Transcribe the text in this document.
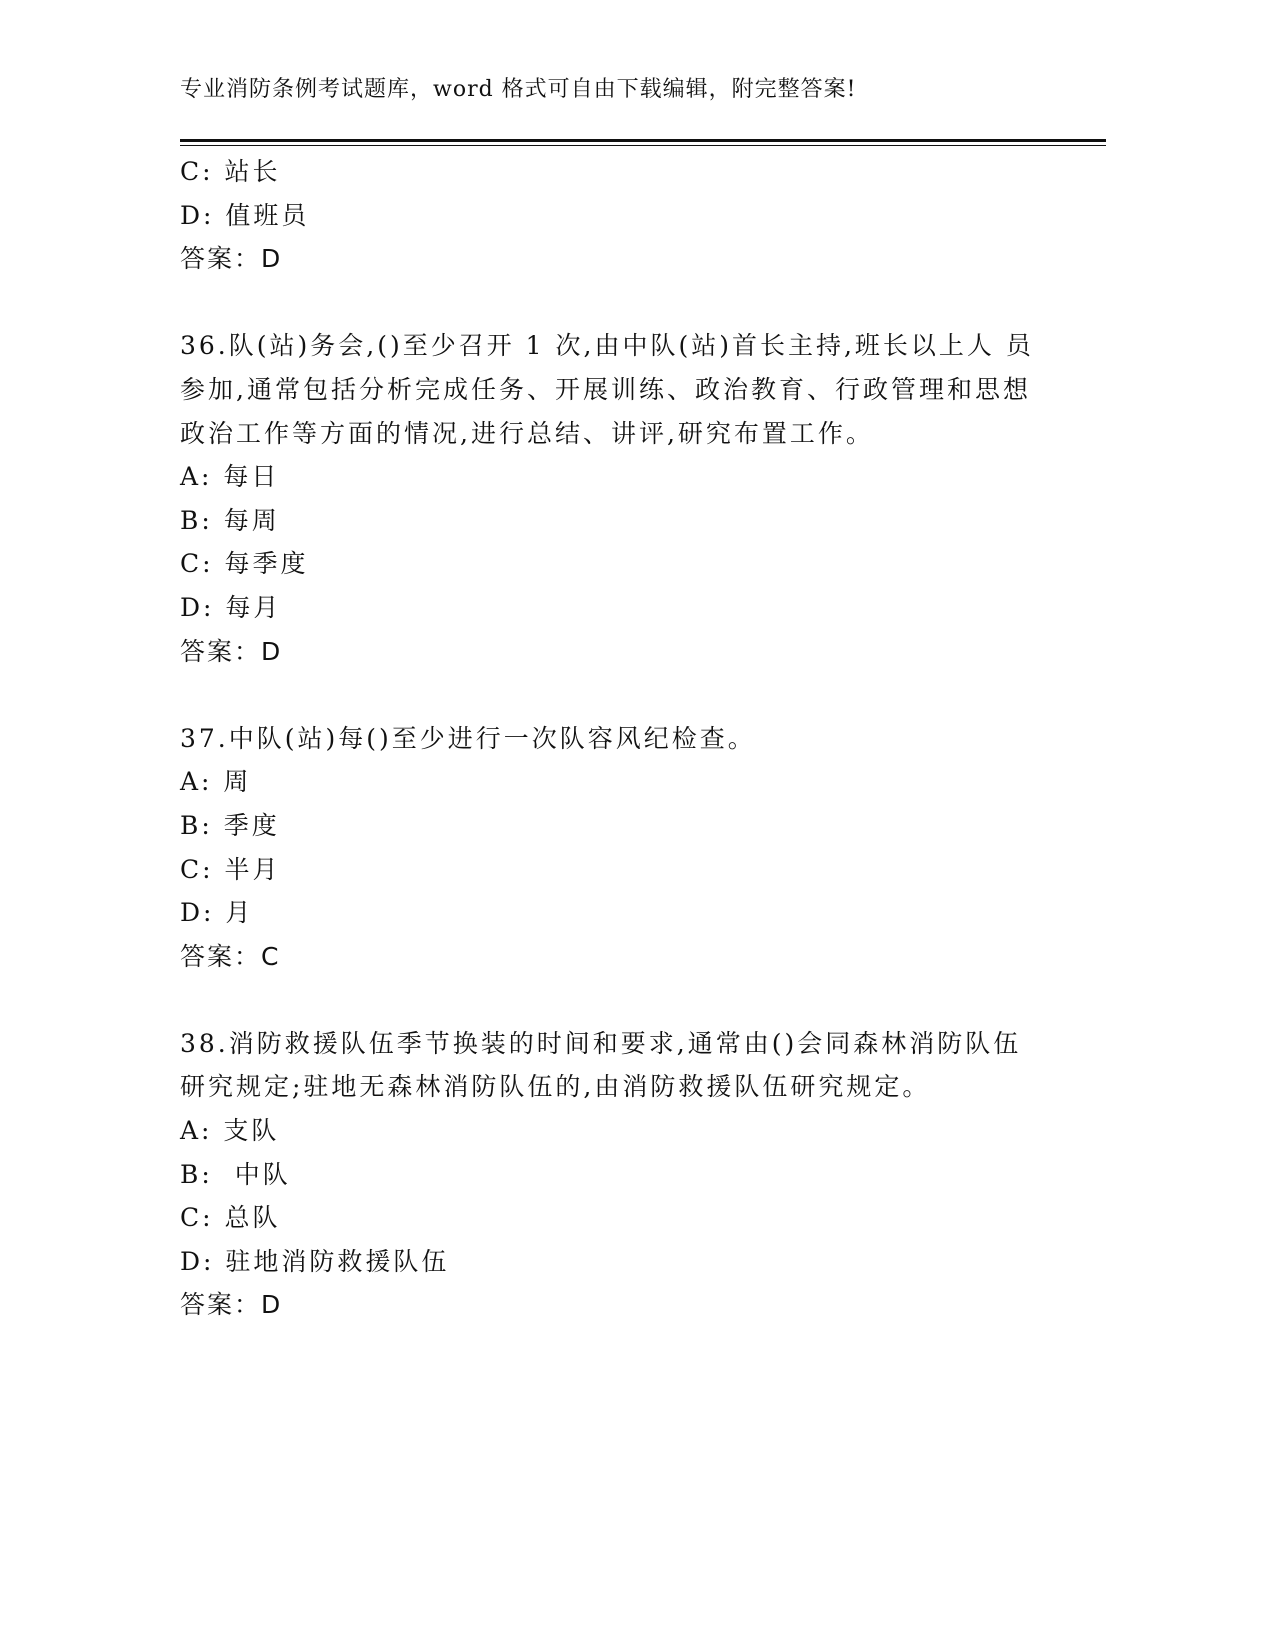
专业消防条例考试题库，word 格式可自由下载编辑，附完整答案!
C: 站长
D: 值班员
答案：D
36.队(站)务会,()至少召开 1 次,由中队(站)首长主持,班长以上人 员
参加,通常包括分析完成任务、开展训练、政治教育、行政管理和思想
政治工作等方面的情况,进行总结、讲评,研究布置工作。
A: 每日
B: 每周
C: 每季度
D: 每月
答案：D
37.中队(站)每()至少进行一次队容风纪检查。
A: 周
B: 季度
C: 半月
D: 月
答案：C
38.消防救援队伍季节换装的时间和要求,通常由()会同森林消防队伍
研究规定;驻地无森林消防队伍的,由消防救援队伍研究规定。
A: 支队
B:  中队
C: 总队
D: 驻地消防救援队伍
答案：D
